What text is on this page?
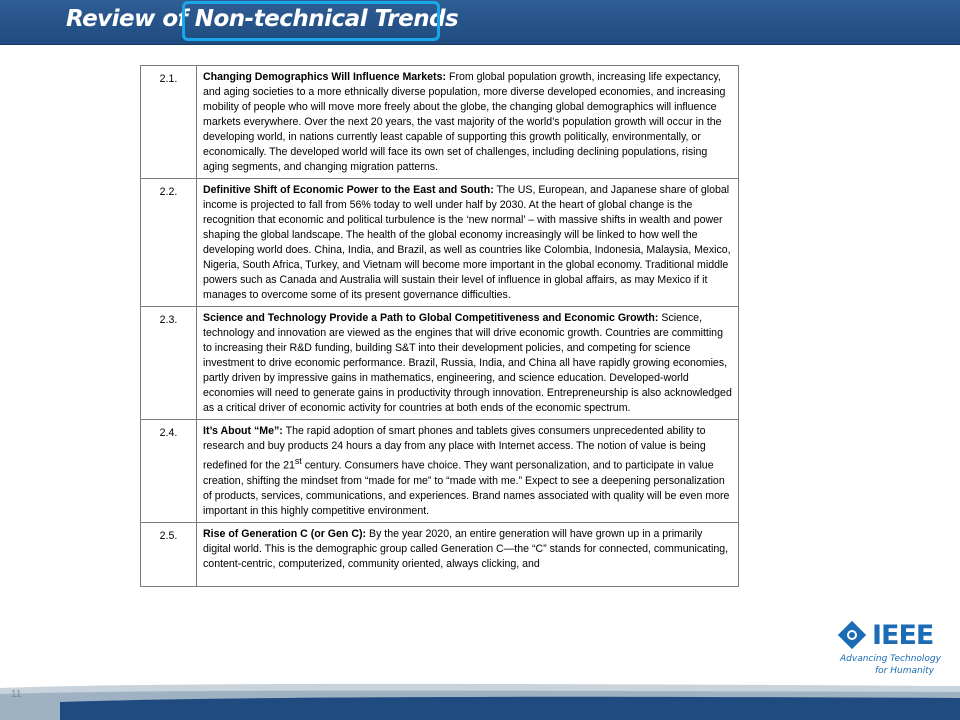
Review of Non-technical Trends
2.1.	Changing Demographics Will Influence Markets: From global population growth, increasing life expectancy, and aging societies to a more ethnically diverse population, more diverse developed economies, and increasing mobility of people who will move more freely about the globe, the changing global demographics will influence markets everywhere. Over the next 20 years, the vast majority of the world’s population growth will occur in the developing world, in nations currently least capable of supporting this growth politically, environmentally, or economically. The developed world will face its own set of challenges, including declining populations, rising aging segments, and changing migration patterns.
2.2.	Definitive Shift of Economic Power to the East and South: The US, European, and Japanese share of global income is projected to fall from 56% today to well under half by 2030. At the heart of global change is the recognition that economic and political turbulence is the ‘new normal’ – with massive shifts in wealth and power shaping the global landscape. The health of the global economy increasingly will be linked to how well the developing world does. China, India, and Brazil, as well as countries like Colombia, Indonesia, Malaysia, Mexico, Nigeria, South Africa, Turkey, and Vietnam will become more important in the global economy. Traditional middle powers such as Canada and Australia will sustain their level of influence in global affairs, as may Mexico if it manages to overcome some of its present governance difficulties.
2.3.	Science and Technology Provide a Path to Global Competitiveness and Economic Growth: Science, technology and innovation are viewed as the engines that will drive economic growth. Countries are committing to increasing their R&D funding, building S&T into their development policies, and competing for science investment to drive economic performance. Brazil, Russia, India, and China all have rapidly growing economies, partly driven by impressive gains in mathematics, engineering, and science education. Developed-world economies will need to generate gains in productivity through innovation. Entrepreneurship is also acknowledged as a critical driver of economic activity for countries at both ends of the economic spectrum.
2.4.	It’s About “Me”: The rapid adoption of smart phones and tablets gives consumers unprecedented ability to research and buy products 24 hours a day from any place with Internet access. The notion of value is being redefined for the 21st century. Consumers have choice. They want personalization, and to participate in value creation, shifting the mindset from “made for me” to “made with me.” Expect to see a deepening personalization of products, services, communications, and experiences. Brand names associated with quality will be even more important in this highly competitive environment.
2.5.	Rise of Generation C (or Gen C): By the year 2020, an entire generation will have grown up in a primarily digital world. This is the demographic group called Generation C—the “C” stands for connected, communicating, content-centric, computerized, community oriented, always clicking, and
IEEE
Advancing Technology
for Humanity
11
